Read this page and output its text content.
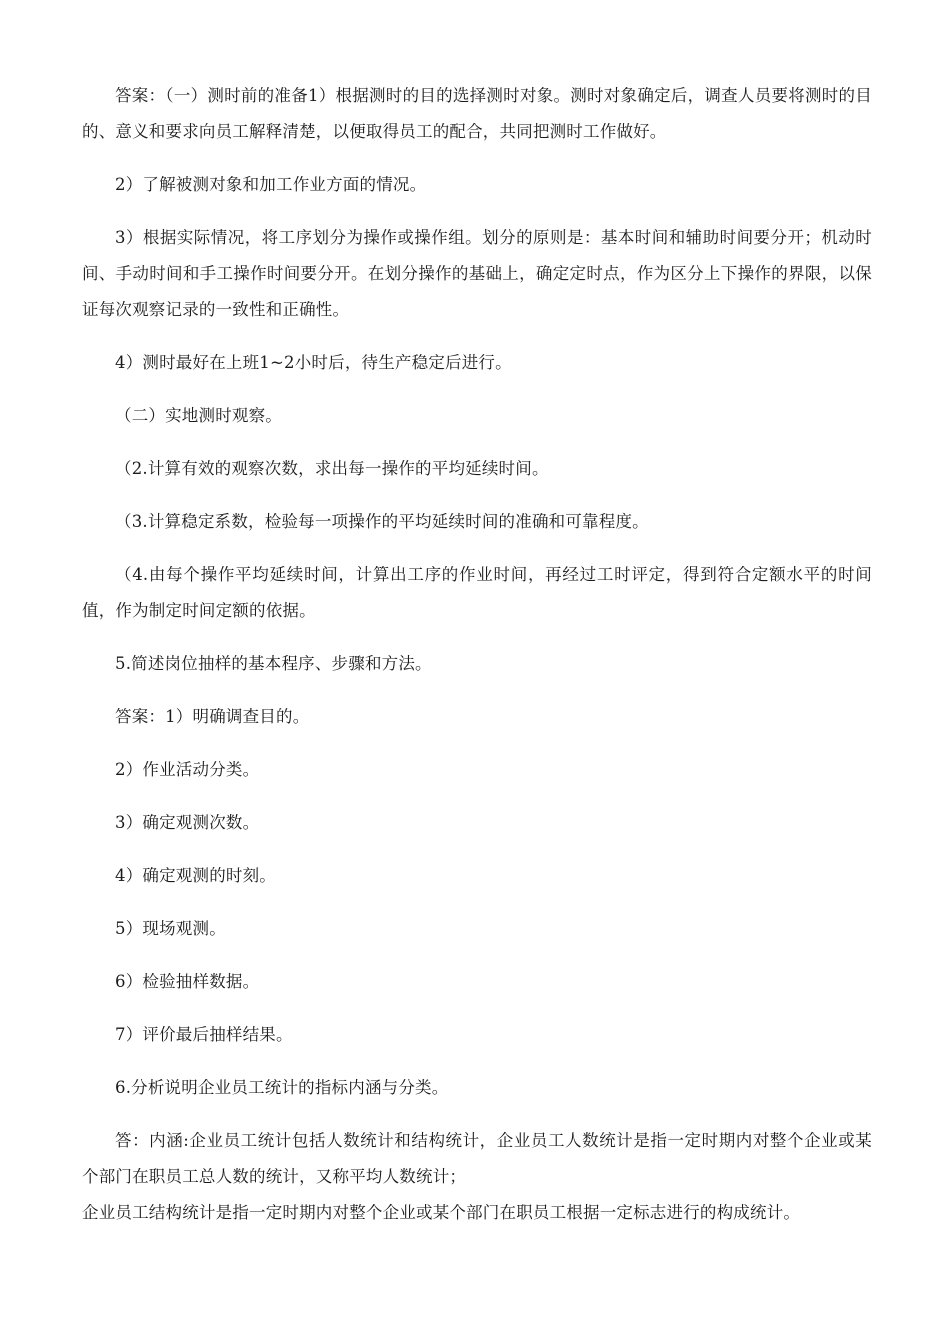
答案：（一）测时前的准备1）根据测时的目的选择测时对象。测时对象确定后，调查人员要将测时的目的、意义和要求向员工解释清楚，以便取得员工的配合，共同把测时工作做好。

2）了解被测对象和加工作业方面的情况。

3）根据实际情况，将工序划分为操作或操作组。划分的原则是：基本时间和辅助时间要分开；机动时间、手动时间和手工操作时间要分开。在划分操作的基础上，确定定时点，作为区分上下操作的界限，以保证每次观察记录的一致性和正确性。

4）测时最好在上班1~2小时后，待生产稳定后进行。

（二）实地测时观察。

（2.计算有效的观察次数，求出每一操作的平均延续时间。

（3.计算稳定系数，检验每一项操作的平均延续时间的准确和可靠程度。

（4.由每个操作平均延续时间，计算出工序的作业时间，再经过工时评定，得到符合定额水平的时间值，作为制定时间定额的依据。

5.简述岗位抽样的基本程序、步骤和方法。

答案：1）明确调查目的。

2）作业活动分类。

3）确定观测次数。

4）确定观测的时刻。

5）现场观测。

6）检验抽样数据。

7）评价最后抽样结果。

6.分析说明企业员工统计的指标内涵与分类。

答：内涵:企业员工统计包括人数统计和结构统计，企业员工人数统计是指一定时期内对整个企业或某个部门在职员工总人数的统计，又称平均人数统计；

企业员工结构统计是指一定时期内对整个企业或某个部门在职员工根据一定标志进行的构成统计。
